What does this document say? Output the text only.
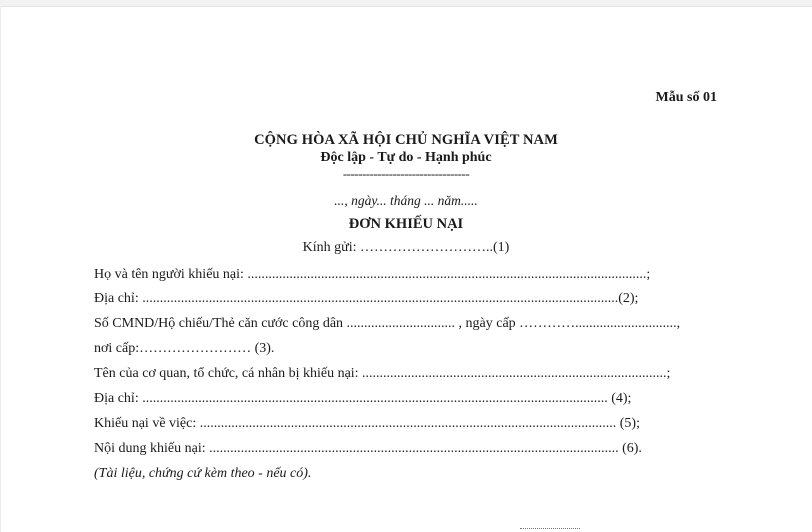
Mẫu số 01
CỘNG HÒA XÃ HỘI CHỦ NGHĨA VIỆT NAM
Độc lập - Tự do - Hạnh phúc
---------------------------------
..., ngày... tháng ... năm.....
ĐƠN KHIẾU NẠI
Kính gửi: ………………………..(1)
Họ và tên người khiếu nại: ..................................................................................................................;
Địa chỉ: ........................................................................................................................................(2);
Số CMND/Hộ chiếu/Thẻ căn cước công dân ............................... , ngày cấp ………….............................,
nơi cấp:…………………… (3).
Tên của cơ quan, tổ chức, cá nhân bị khiếu nại: .......................................................................................;
Địa chỉ: ..................................................................................................................................... (4);
Khiếu nại về việc: ....................................................................................................................... (5);
Nội dung khiếu nại: ..................................................................................................................... (6).
(Tài liệu, chứng cứ kèm theo - nếu có).
